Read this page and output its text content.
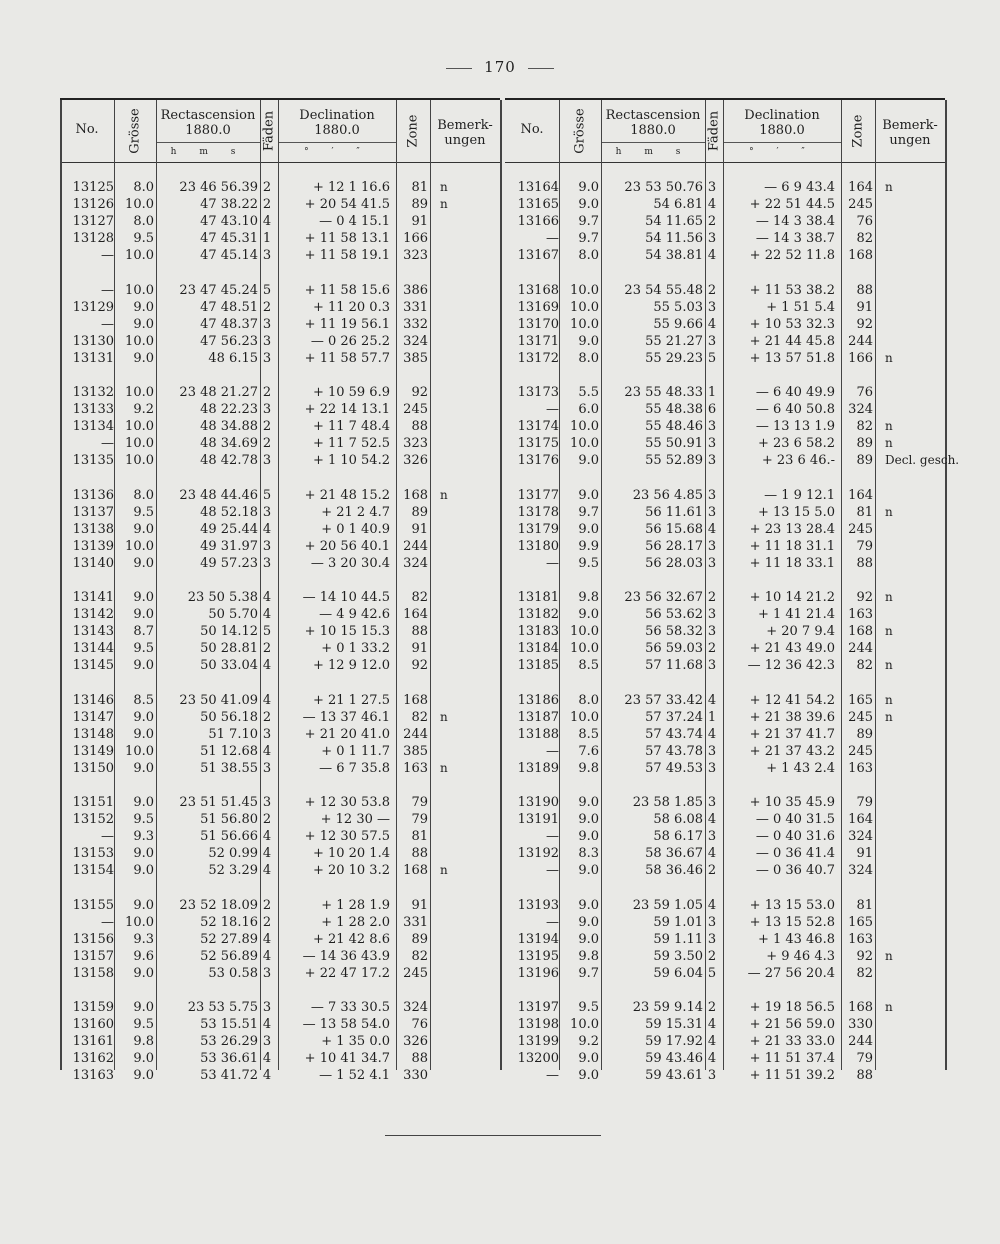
170
No.	Grösse	Rectascension
1880.0
h m s
Fäden	Declination
1880.0
° ′ ″
Zone	Bemerk-ungen
13125	8.0	23 46 56.39 2	+ 12 1 16.6	81 n
13126 10.0	47 38.22 2	+ 20 54 41.5	89 n
13127	8.0	47 43.10 4	— 0 4 15.1	91
13128	9.5	47 45.31 1	+ 11 58 13.1	166
— 10.0	47 45.14 3	+ 11 58 19.1	323
— 10.0	23 47 45.24 5	+ 11 58 15.6	386
13129	9.0	47 48.51 2	+ 11 20 0.3	331
—	9.0	47 48.37 3	+ 11 19 56.1	332
13130 10.0	47 56.23 3	— 0 26 25.2	324
13131	9.0	48 6.15 3	+ 11 58 57.7	385
13132 10.0	23 48 21.27 2	+ 10 59 6.9	92
13133	9.2	48 22.23 3	+ 22 14 13.1	245
13134 10.0	48 34.88 2	+ 11 7 48.4	88
— 10.0	48 34.69 2	+ 11 7 52.5	323
13135 10.0	48 42.78 3	+ 1 10 54.2	326
13136	8.0	23 48 44.46 5	+ 21 48 15.2	168 n
13137	9.5	48 52.18 3	+ 21 2 4.7	89
13138	9.0	49 25.44 4	+ 0 1 40.9	91
13139 10.0	49 31.97 3	+ 20 56 40.1	244
13140	9.0	49 57.23 3	— 3 20 30.4	324
13141	9.0	23 50 5.38 4	— 14 10 44.5	82
13142	9.0	50 5.70 4	— 4 9 42.6	164
13143	8.7	50 14.12 5	+ 10 15 15.3	88
13144	9.5	50 28.81 2	+ 0 1 33.2	91
13145	9.0	50 33.04 4	+ 12 9 12.0	92
13146	8.5	23 50 41.09 4	+ 21 1 27.5	168
13147	9.0	50 56.18 2	— 13 37 46.1	82 n
13148	9.0	51 7.10 3	+ 21 20 41.0	244
13149 10.0	51 12.68 4	+ 0 1 11.7	385
13150	9.0	51 38.55 3	— 6 7 35.8	163 n
13151	9.0	23 51 51.45 3	+ 12 30 53.8	79
13152	9.5	51 56.80 2	+ 12 30 —	79
—	9.3	51 56.66 4	+ 12 30 57.5	81
13153	9.0	52 0.99 4	+ 10 20 1.4	88
13154	9.0	52 3.29 4	+ 20 10 3.2	168 n
13155	9.0	23 52 18.09 2	+ 1 28 1.9	91
— 10.0	52 18.16 2	+ 1 28 2.0	331
13156	9.3	52 27.89 4	+ 21 42 8.6	89
13157	9.6	52 56.89 4	— 14 36 43.9	82
13158	9.0	53 0.58 3	+ 22 47 17.2	245
13159	9.0	23 53 5.75 3	— 7 33 30.5	324
13160	9.5	53 15.51 4	— 13 58 54.0	76
13161	9.8	53 26.29 3	+ 1 35 0.0	326
13162	9.0	53 36.61 4	+ 10 41 34.7	88
13163	9.0	53 41.72 4	— 1 52 4.1	330
No.	Grösse	Rectascension
1880.0
h m s
Fäden	Declination
1880.0
° ′ ″
Zone	Bemerk-ungen
13164	9.0	23 53 50.76 3	— 6 9 43.4	164 n
13165	9.0	54 6.81 4	+ 22 51 44.5	245
13166	9.7	54 11.65 2	— 14 3 38.4	76
—	9.7	54 11.56 3	— 14 3 38.7	82
13167	8.0	54 38.81 4	+ 22 52 11.8	168
13168 10.0	23 54 55.48 2	+ 11 53 38.2	88
13169 10.0	55 5.03 3	+ 1 51 5.4	91
13170 10.0	55 9.66 4	+ 10 53 32.3	92
13171	9.0	55 21.27 3	+ 21 44 45.8	244
13172	8.0	55 29.23 5	+ 13 57 51.8	166 n
13173	5.5	23 55 48.33 1	— 6 40 49.9	76
—	6.0	55 48.38 6	— 6 40 50.8	324
13174 10.0	55 48.46 3	— 13 13 1.9	82 n
13175 10.0	55 50.91 3	+ 23 6 58.2	89 n
13176	9.0	55 52.89 3	+ 23 6 46.-	89 Decl. gesch.
13177	9.0	23 56 4.85 3	— 1 9 12.1	164
13178	9.7	56 11.61 3	+ 13 15 5.0	81 n
13179	9.0	56 15.68 4	+ 23 13 28.4	245
13180	9.9	56 28.17 3	+ 11 18 31.1	79
—	9.5	56 28.03 3	+ 11 18 33.1	88
13181	9.8	23 56 32.67 2	+ 10 14 21.2	92 n
13182	9.0	56 53.62 3	+ 1 41 21.4	163
13183 10.0	56 58.32 3	+ 20 7 9.4	168 n
13184 10.0	56 59.03 2	+ 21 43 49.0	244
13185	8.5	57 11.68 3	— 12 36 42.3	82 n
13186	8.0	23 57 33.42 4	+ 12 41 54.2	165 n
13187 10.0	57 37.24 1	+ 21 38 39.6	245 n
13188	8.5	57 43.74 4	+ 21 37 41.7	89
—	7.6	57 43.78 3	+ 21 37 43.2	245
13189	9.8	57 49.53 3	+ 1 43 2.4	163
13190	9.0	23 58 1.85 3	+ 10 35 45.9	79
13191	9.0	58 6.08 4	— 0 40 31.5	164
—	9.0	58 6.17 3	— 0 40 31.6	324
13192	8.3	58 36.67 4	— 0 36 41.4	91
—	9.0	58 36.46 2	— 0 36 40.7	324
13193	9.0	23 59 1.05 4	+ 13 15 53.0	81
—	9.0	59 1.01 3	+ 13 15 52.8	165
13194	9.0	59 1.11 3	+ 1 43 46.8	163
13195	9.8	59 3.50 2	+ 9 46 4.3	92 n
13196	9.7	59 6.04 5	— 27 56 20.4	82
13197	9.5	23 59 9.14 2	+ 19 18 56.5	168 n
13198 10.0	59 15.31 4	+ 21 56 59.0	330
13199	9.2	59 17.92 4	+ 21 33 33.0	244
13200	9.0	59 43.46 4	+ 11 51 37.4	79
—	9.0	59 43.61 3	+ 11 51 39.2	88
